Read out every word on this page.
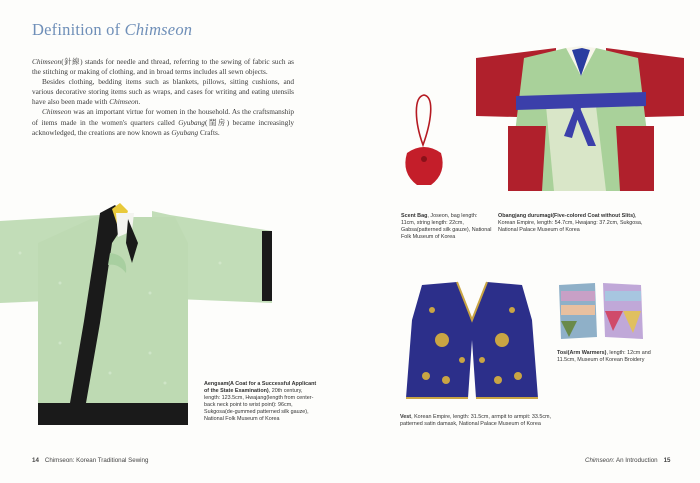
Definition of Chimseon

Chimseon(針線) stands for needle and thread, referring to the sewing of fabric such as the stitching or making of clothing, and in broad terms includes all sewn objects.

Besides clothing, bedding items such as blankets, pillows, sitting cushions, and various decorative storing items such as wraps, and cases for writing and eating utensils have also been made with Chimseon.

Chimseon was an important virtue for women in the household. As the craftsmanship of items made in the women's quarters called Gyubang(閨房) became increasingly acknowledged, the creations are now known as Gyubang Crafts.

Aengsam(A Coat for a Successful Applicant of the State Examination), 20th century, length: 123.5cm, Hwajang(length from center-back neck point to wrist point): 96cm, Sukgosa(de-gummed patterned silk gauze), National Folk Museum of Korea
14 Chimseon: Korean Traditional Sewing
Scent Bag, Joseon, bag length: 11cm, string length: 22cm, Gabsa(patterned silk gauze), National Folk Museum of Korea
Obangjang durumagi(Five-colored Coat without Slits), Korean Empire, length: 54.7cm, Hwajang: 37.2cm, Sukgosa, National Palace Museum of Korea
Vest, Korean Empire, length: 31.5cm, armpit to armpit: 33.5cm, patterned satin damask, National Palace Museum of Korea
Tosi(Arm Warmers), length: 12cm and 11.5cm, Museum of Korean Broidery
Chimseon: An Introduction 15
